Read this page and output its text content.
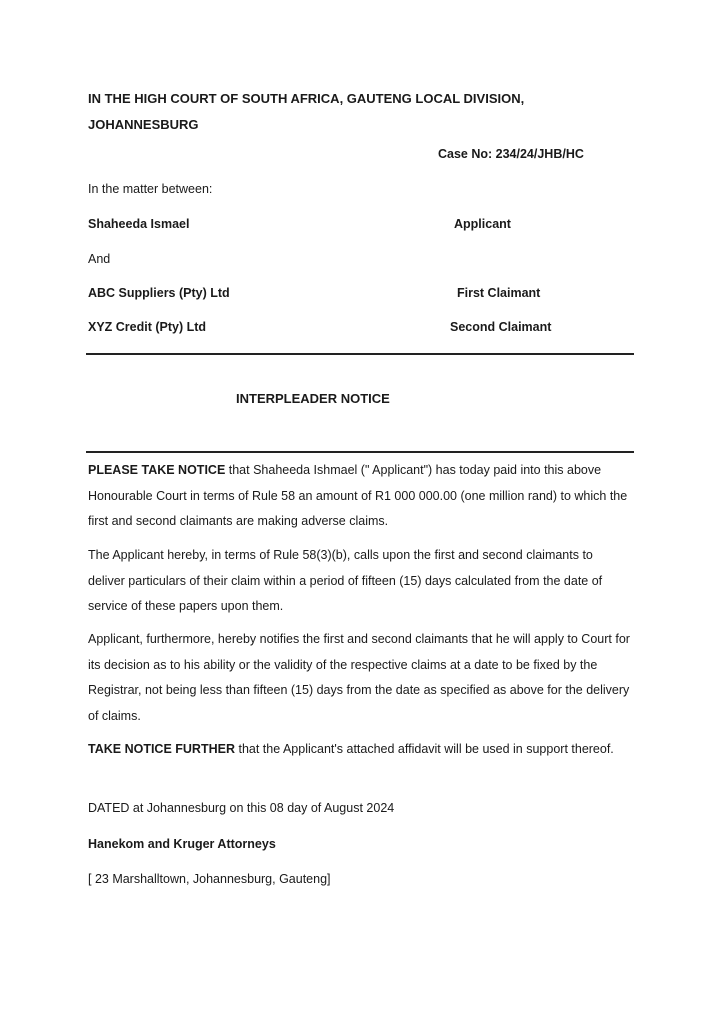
IN THE HIGH COURT OF SOUTH AFRICA, GAUTENG LOCAL DIVISION, JOHANNESBURG
Case No: 234/24/JHB/HC
In the matter between:
Shaheeda Ismael	Applicant
And
ABC Suppliers (Pty) Ltd	First Claimant
XYZ Credit (Pty) Ltd	Second Claimant
INTERPLEADER NOTICE

PLEASE TAKE NOTICE that Shaheeda Ishmael (" Applicant") has today paid into this above Honourable Court in terms of Rule 58 an amount of R1 000 000.00 (one million rand) to which the first and second claimants are making adverse claims.

The Applicant hereby, in terms of Rule 58(3)(b), calls upon the first and second claimants to deliver particulars of their claim within a period of fifteen (15) days calculated from the date of service of these papers upon them.

Applicant, furthermore, hereby notifies the first and second claimants that he will apply to Court for its decision as to his ability or the validity of the respective claims at a date to be fixed by the Registrar, not being less than fifteen (15) days from the date as specified as above for the delivery of claims.

TAKE NOTICE FURTHER that the Applicant's attached affidavit will be used in support thereof.

DATED at Johannesburg on this 08 day of August 2024
Hanekom and Kruger Attorneys
[ 23 Marshalltown, Johannesburg, Gauteng]
